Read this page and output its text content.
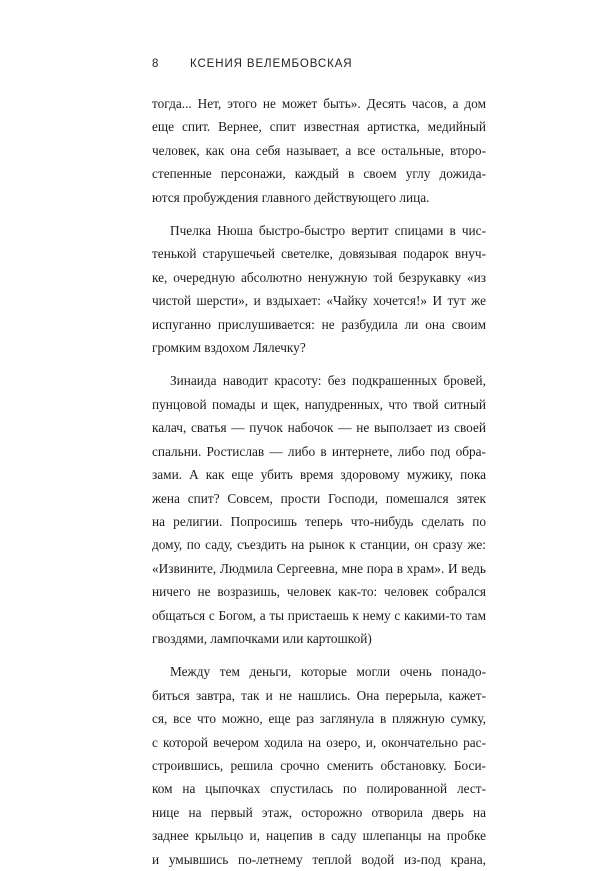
8	КСЕНИЯ ВЕЛЕМБОВСКАЯ

тогда... Нет, этого не может быть». Десять часов, а дом
еще спит. Вернее, спит известная артистка, медийный
человек, как она себя называет, а все остальные, второ-
степенные персонажи, каждый в своем углу дожида-
ются пробуждения главного действующего лица.

Пчелка Нюша быстро-быстро вертит спицами в чис-
тенькой старушечьей светелке, довязывая подарок внуч-
ке, очередную абсолютно ненужную той безрукавку «из
чистой шерсти», и вздыхает: «Чайку хочется!» И тут же
испуганно прислушивается: не разбудила ли она своим
громким вздохом Лялечку?

Зинаида наводит красоту: без подкрашенных бровей,
пунцовой помады и щек, напудренных, что твой ситный
калач, сватья — пучок набочок — не выползает из своей
спальни. Ростислав — либо в интернете, либо под обра-
зами. А как еще убить время здоровому мужику, пока
жена спит? Совсем, прости Господи, помешался зятек
на религии. Попросишь теперь что-нибудь сделать по
дому, по саду, съездить на рынок к станции, он сразу же:
«Извините, Людмила Сергеевна, мне пора в храм». И ведь
ничего не возразишь, человек как-то: человек собрался
общаться с Богом, а ты пристаешь к нему с какими-то там
гвоздями, лампочками или картошкой)

Между тем деньги, которые могли очень понадо-
биться завтра, так и не нашлись. Она перерыла, кажет-
ся, все что можно, еще раз заглянула в пляжную сумку,
с которой вечером ходила на озеро, и, окончательно рас-
строившись, решила срочно сменить обстановку. Боси-
ком на цыпочках спустилась по полированной лест-
нице на первый этаж, осторожно отворила дверь на
заднее крыльцо и, нацепив в саду шлепанцы на пробке
и умывшись по-летнему теплой водой из-под крана,
